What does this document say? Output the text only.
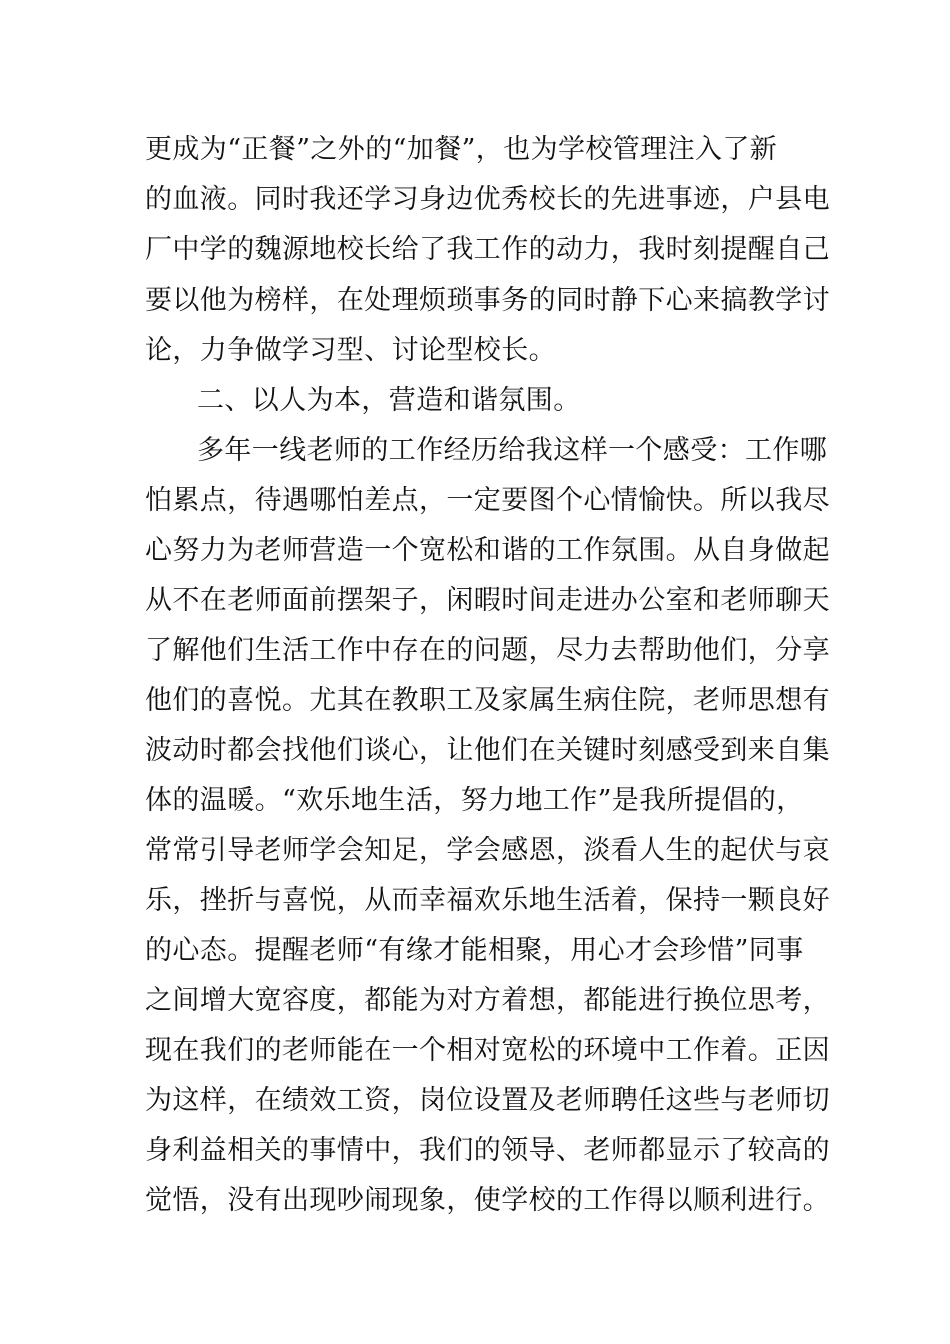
更成为“正餐”之外的“加餐”，也为学校管理注入了新
的血液。同时我还学习身边优秀校长的先进事迹，户县电
厂中学的魏源地校长给了我工作的动力，我时刻提醒自己
要以他为榜样，在处理烦琐事务的同时静下心来搞教学讨
论，力争做学习型、讨论型校长。
二、以人为本，营造和谐氛围。
多年一线老师的工作经历给我这样一个感受：工作哪
怕累点，待遇哪怕差点，一定要图个心情愉快。所以我尽
心努力为老师营造一个宽松和谐的工作氛围。从自身做起
从不在老师面前摆架子，闲暇时间走进办公室和老师聊天
了解他们生活工作中存在的问题，尽力去帮助他们，分享
他们的喜悦。尤其在教职工及家属生病住院，老师思想有
波动时都会找他们谈心，让他们在关键时刻感受到来自集
体的温暖。“欢乐地生活，努力地工作”是我所提倡的，
常常引导老师学会知足，学会感恩，淡看人生的起伏与哀
乐，挫折与喜悦，从而幸福欢乐地生活着，保持一颗良好
的心态。提醒老师“有缘才能相聚，用心才会珍惜”同事
之间增大宽容度，都能为对方着想，都能进行换位思考，
现在我们的老师能在一个相对宽松的环境中工作着。正因
为这样，在绩效工资，岗位设置及老师聘任这些与老师切
身利益相关的事情中，我们的领导、老师都显示了较高的
觉悟，没有出现吵闹现象，使学校的工作得以顺利进行。
